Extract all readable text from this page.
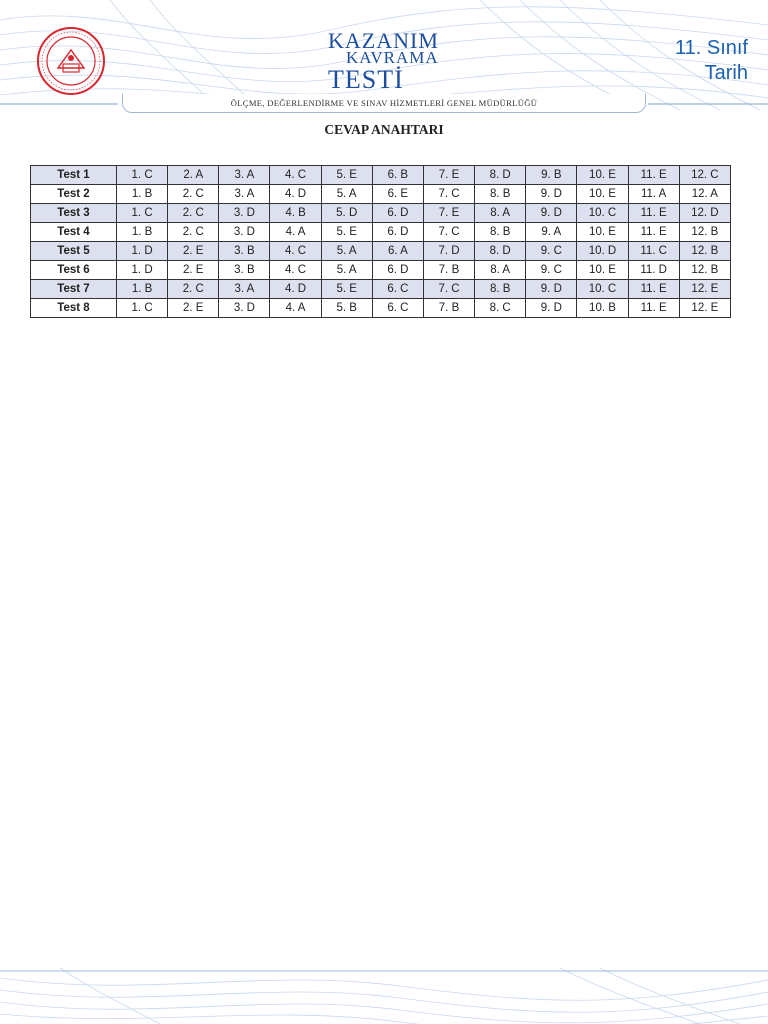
KAZANIM
KAVRAMA
TESTİ
11. Sınıf
Tarih
ÖLÇME, DEĞERLENDİRME VE SINAV HİZMETLERİ GENEL MÜDÜRLÜĞÜ
CEVAP ANAHTARI
Test 1	1. C	2. A	3. A	4. C	5. E	6. B	7. E	8. D	9. B	10. E	11. E	12. C
Test 2	1. B	2. C	3. A	4. D	5. A	6. E	7. C	8. B	9. D	10. E	11. A	12. A
Test 3	1. C	2. C	3. D	4. B	5. D	6. D	7. E	8. A	9. D	10. C	11. E	12. D
Test 4	1. B	2. C	3. D	4. A	5. E	6. D	7. C	8. B	9. A	10. E	11. E	12. B
Test 5	1. D	2. E	3. B	4. C	5. A	6. A	7. D	8. D	9. C	10. D	11. C	12. B
Test 6	1. D	2. E	3. B	4. C	5. A	6. D	7. B	8. A	9. C	10. E	11. D	12. B
Test 7	1. B	2. C	3. A	4. D	5. E	6. C	7. C	8. B	9. D	10. C	11. E	12. E
Test 8	1. C	2. E	3. D	4. A	5. B	6. C	7. B	8. C	9. D	10. B	11. E	12. E
